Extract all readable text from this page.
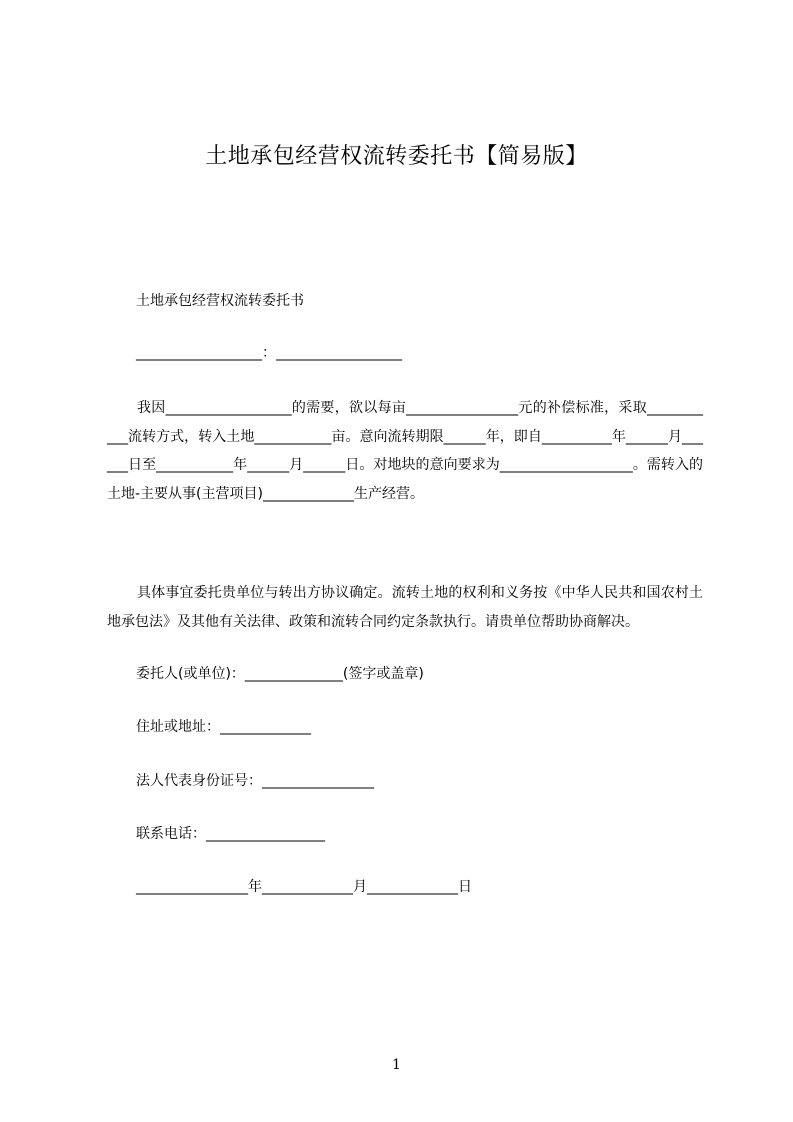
土地承包经营权流转委托书【简易版】
土地承包经营权流转委托书
__________________：__________________

我因__________________的需要，欲以每亩________________元的补偿标准，采取___________流转方式，转入土地___________亩。意向流转期限______年，即自__________年______月______日至___________年______月______日。对地块的意向要求为___________________。需转入的土地-主要从事(主营项目)_____________生产经营。

具体事宜委托贵单位与转出方协议确定。流转土地的权利和义务按《中华人民共和国农村土地承包法》及其他有关法律、政策和流转合同约定条款执行。请贵单位帮助协商解决。

委托人(或单位)：______________(签字或盖章)
住址或地址：_____________
法人代表身份证号：________________
联系电话：_________________
________________年_____________月_____________日
1
